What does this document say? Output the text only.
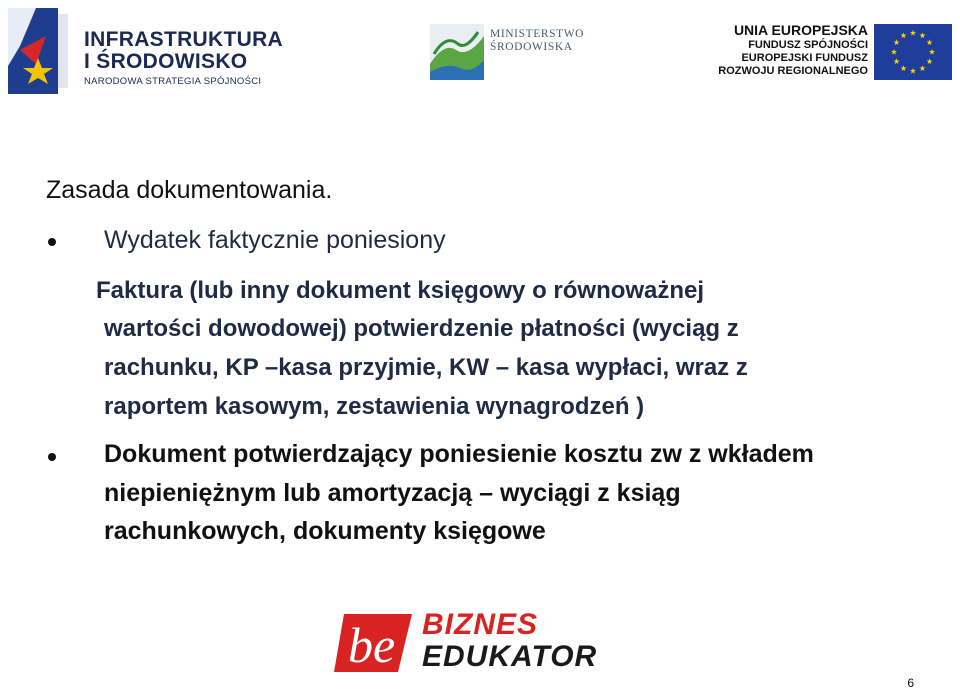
INFRASTRUKTURA
I ŚRODOWISKO
NARODOWA STRATEGIA SPÓJNOŚCI
MINISTERSTWO
ŚRODOWISKA
UNIA EUROPEJSKA
FUNDUSZ SPÓJNOŚCI
EUROPEJSKI FUNDUSZ
ROZWOJU REGIONALNEGO
Zasada dokumentowania.
Wydatek faktycznie poniesiony
Faktura (lub inny dokument księgowy o równoważnej
wartości dowodowej) potwierdzenie płatności (wyciąg z
rachunku, KP –kasa przyjmie, KW – kasa wypłaci, wraz z
raportem kasowym, zestawienia wynagrodzeń )
Dokument potwierdzający poniesienie kosztu zw z wkładem
niepieniężnym lub amortyzacją – wyciągi z ksiąg
rachunkowych, dokumenty księgowe
be BIZNES
EDUKATOR
6
